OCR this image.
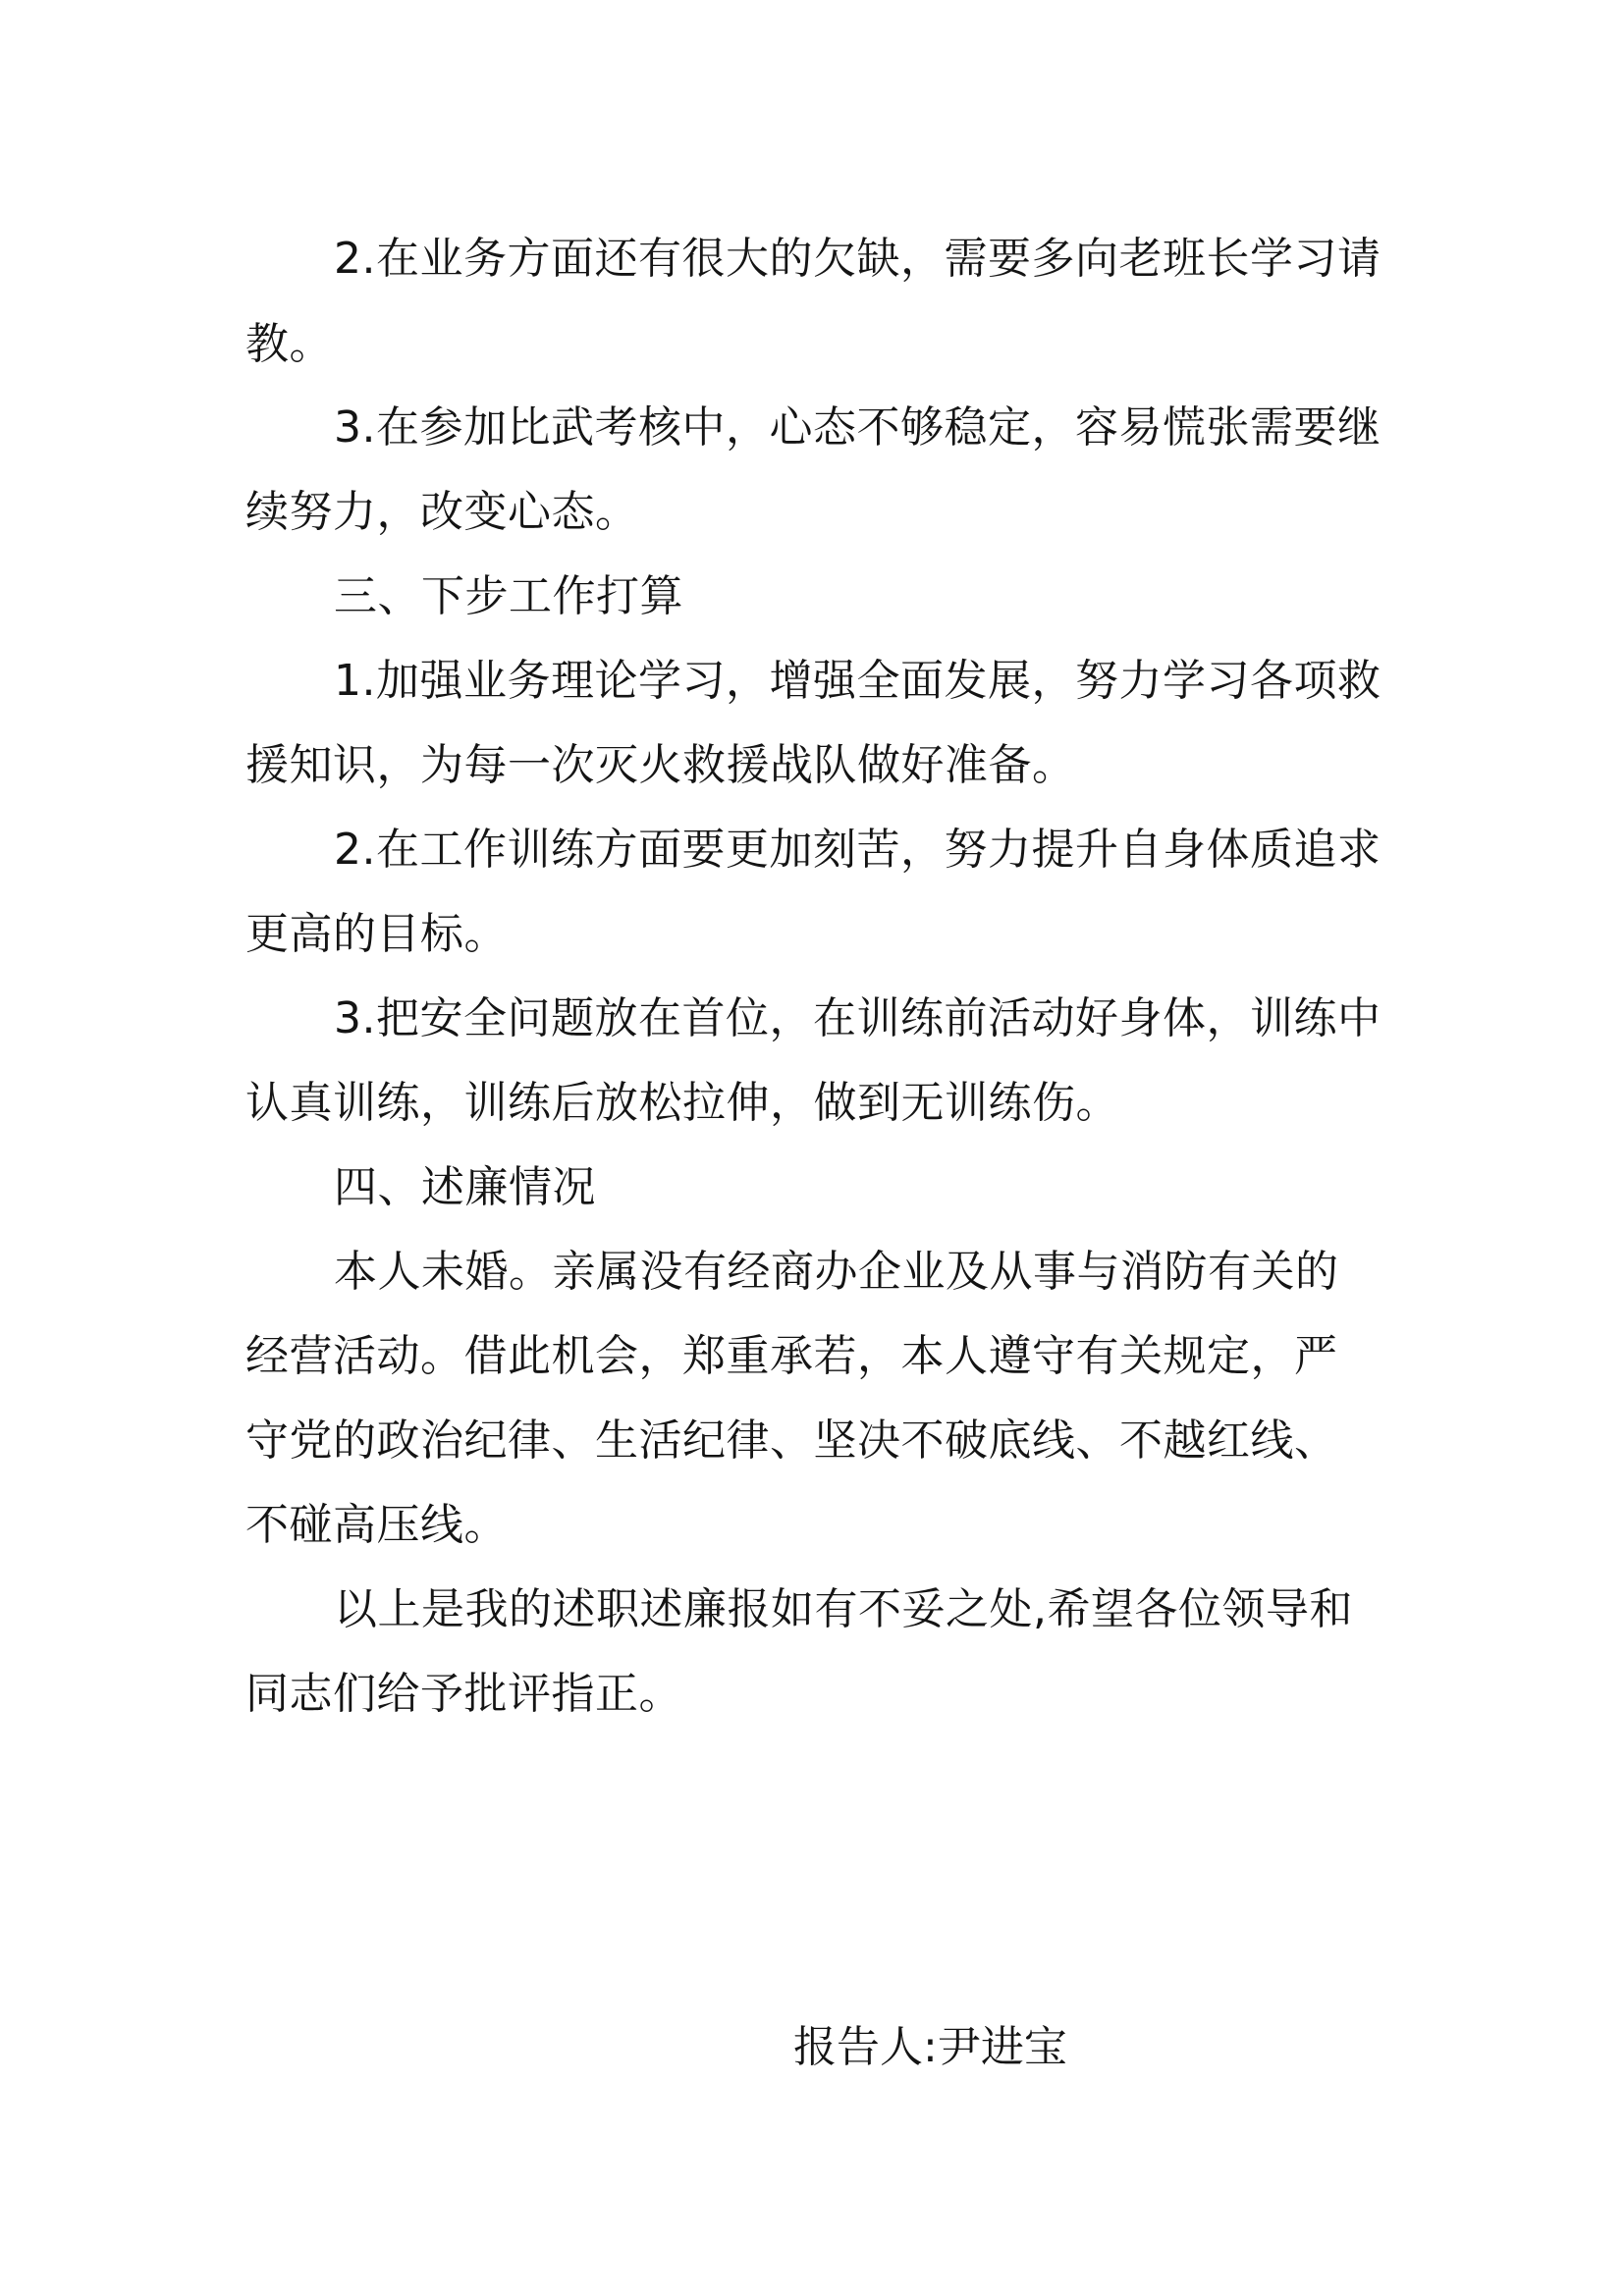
2.在业务方面还有很大的欠缺，需要多向老班长学习请
教。
3.在参加比武考核中，心态不够稳定，容易慌张需要继
续努力，改变心态。
三、下步工作打算
1.加强业务理论学习，增强全面发展，努力学习各项救
援知识，为每一次灭火救援战队做好准备。
2.在工作训练方面要更加刻苦，努力提升自身体质追求
更高的目标。
3.把安全问题放在首位，在训练前活动好身体，训练中
认真训练，训练后放松拉伸，做到无训练伤。
四、述廉情况
本人未婚。亲属没有经商办企业及从事与消防有关的
经营活动。借此机会，郑重承若，本人遵守有关规定，严
守党的政治纪律、生活纪律、坚决不破底线、不越红线、
不碰高压线。
以上是我的述职述廉报如有不妥之处,希望各位领导和
同志们给予批评指正。
报告人:尹进宝
